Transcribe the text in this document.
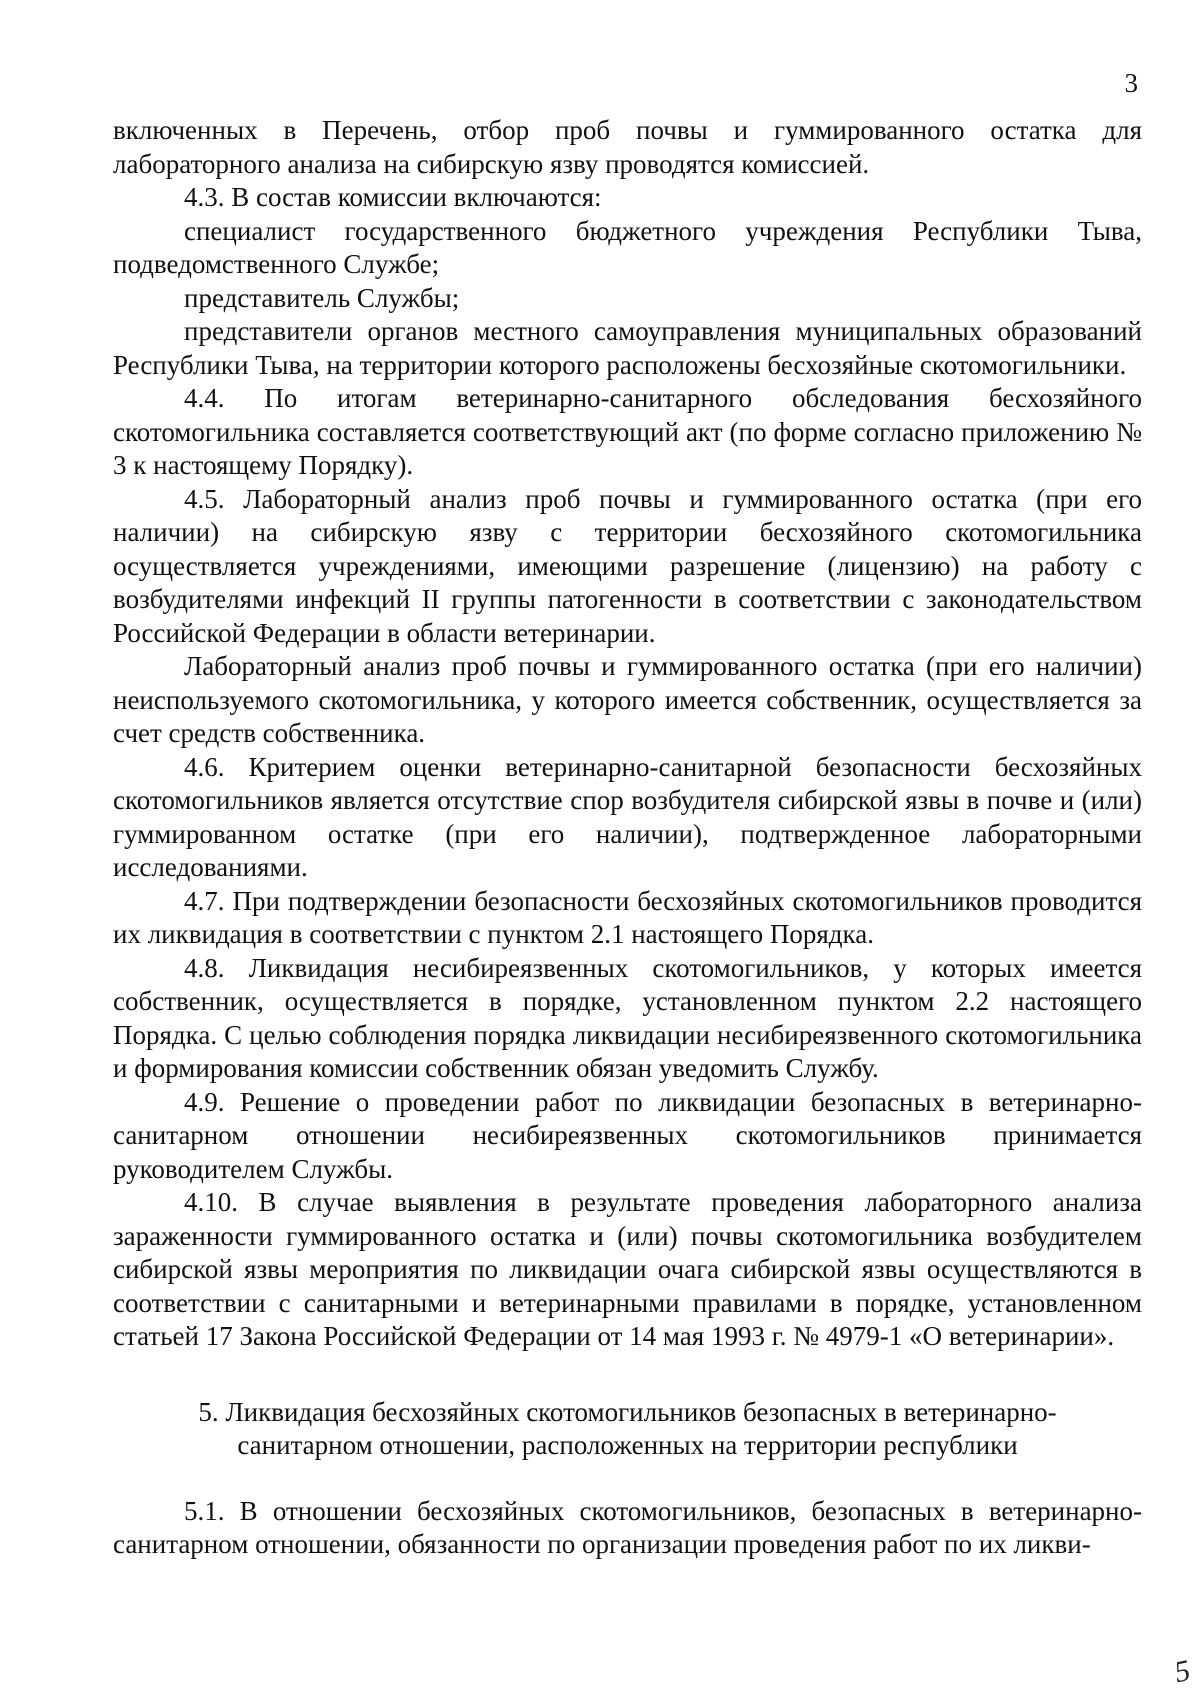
3

включенных в Перечень, отбор проб почвы и гуммированного остатка для лабораторного анализа на сибирскую язву проводятся комиссией.

4.3. В состав комиссии включаются:

специалист государственного бюджетного учреждения Республики Тыва, подведомственного Службе;

представитель Службы;

представители органов местного самоуправления муниципальных образований Республики Тыва, на территории которого расположены бесхозяйные скотомогильники.

4.4. По итогам ветеринарно-санитарного обследования бесхозяйного скотомогильника составляется соответствующий акт (по форме согласно приложению № 3 к настоящему Порядку).

4.5. Лабораторный анализ проб почвы и гуммированного остатка (при его наличии) на сибирскую язву с территории бесхозяйного скотомогильника осуществляется учреждениями, имеющими разрешение (лицензию) на работу с возбудителями инфекций II группы патогенности в соответствии с законодательством Российской Федерации в области ветеринарии.

Лабораторный анализ проб почвы и гуммированного остатка (при его наличии) неиспользуемого скотомогильника, у которого имеется собственник, осуществляется за счет средств собственника.

4.6. Критерием оценки ветеринарно-санитарной безопасности бесхозяйных скотомогильников является отсутствие спор возбудителя сибирской язвы в почве и (или) гуммированном остатке (при его наличии), подтвержденное лабораторными исследованиями.

4.7. При подтверждении безопасности бесхозяйных скотомогильников проводится их ликвидация в соответствии с пунктом 2.1 настоящего Порядка.

4.8. Ликвидация несибиреязвенных скотомогильников, у которых имеется собственник, осуществляется в порядке, установленном пунктом 2.2 настоящего Порядка. С целью соблюдения порядка ликвидации несибиреязвенного скотомогильника и формирования комиссии собственник обязан уведомить Службу.

4.9. Решение о проведении работ по ликвидации безопасных в ветеринарно-санитарном отношении несибиреязвенных скотомогильников принимается руководителем Службы.

4.10. В случае выявления в результате проведения лабораторного анализа зараженности гуммированного остатка и (или) почвы скотомогильника возбудителем сибирской язвы мероприятия по ликвидации очага сибирской язвы осуществляются в соответствии с санитарными и ветеринарными правилами в порядке, установленном статьей 17 Закона Российской Федерации от 14 мая 1993 г. № 4979-1 «О ветеринарии».

5. Ликвидация бесхозяйных скотомогильников безопасных в ветеринарно-
санитарном отношении, расположенных на территории республики

5.1. В отношении бесхозяйных скотомогильников, безопасных в ветеринарно-санитарном отношении, обязанности по организации проведения работ по их ликви-

5
